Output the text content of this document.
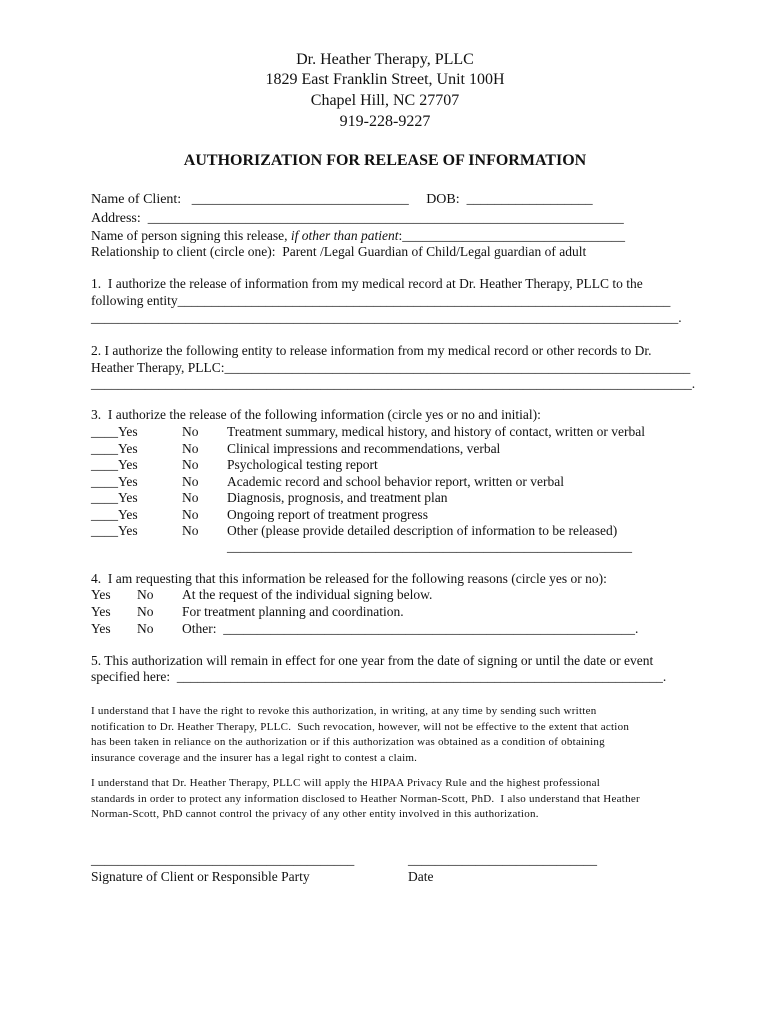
Dr. Heather Therapy, PLLC
1829 East Franklin Street, Unit 100H
Chapel Hill, NC 27707
919-228-9227
AUTHORIZATION FOR RELEASE OF INFORMATION
Name of Client:   _______________________________     DOB:  __________________
Address:  ____________________________________________________________________
Name of person signing this release, if other than patient:_________________________________
Relationship to client (circle one):  Parent /Legal Guardian of Child/Legal guardian of adult
1.  I authorize the release of information from my medical record at Dr. Heather Therapy, PLLC to the
following entity_________________________________________________________________________
_______________________________________________________________________________________.
2. I authorize the following entity to release information from my medical record or other records to Dr.
Heather Therapy, PLLC:_____________________________________________________________________
_________________________________________________________________________________________.
3.  I authorize the release of the following information (circle yes or no and initial):
____Yes	No Treatment summary, medical history, and history of contact, written or verbal
____Yes	No Clinical impressions and recommendations, verbal
____Yes	No Psychological testing report
____Yes	No Academic record and school behavior report, written or verbal
____Yes	No Diagnosis, prognosis, and treatment plan
____Yes	No Ongoing report of treatment progress
____Yes	No Other (please provide detailed description of information to be released)
____________________________________________________________
4.  I am requesting that this information be released for the following reasons (circle yes or no):
Yes No At the request of the individual signing below.
Yes No For treatment planning and coordination.
Yes No Other:  _____________________________________________________________.
5. This authorization will remain in effect for one year from the date of signing or until the date or event
specified here:  ________________________________________________________________________.
I understand that I have the right to revoke this authorization, in writing, at any time by sending such written
notification to Dr. Heather Therapy, PLLC.  Such revocation, however, will not be effective to the extent that action
has been taken in reliance on the authorization or if this authorization was obtained as a condition of obtaining
insurance coverage and the insurer has a legal right to contest a claim.
I understand that Dr. Heather Therapy, PLLC will apply the HIPAA Privacy Rule and the highest professional
standards in order to protect any information disclosed to Heather Norman-Scott, PhD.  I also understand that Heather
Norman-Scott, PhD cannot control the privacy of any other entity involved in this authorization.
_______________________________________
Signature of Client or Responsible Party
____________________________
Date
